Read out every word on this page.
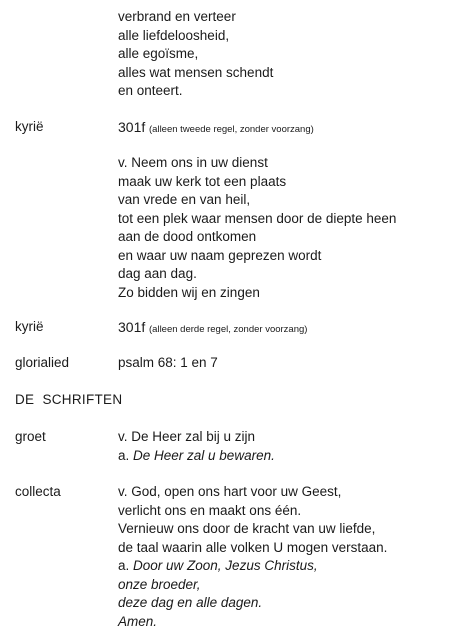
verbrand en verteer
alle liefdeloosheid,
alle egoïsme,
alles wat mensen schendt
en onteert.
kyrië	301f (alleen tweede regel, zonder voorzang)
v. Neem ons in uw dienst
maak uw kerk tot een plaats
van vrede en van heil,
tot een plek waar mensen door de diepte heen
aan de dood ontkomen
en waar uw naam geprezen wordt
dag aan dag.
Zo bidden wij en zingen
kyrië	301f (alleen derde regel, zonder voorzang)
glorialied	psalm 68: 1 en 7
DE  SCHRIFTEN
groet	v. De Heer zal bij u zijn
a. De Heer zal u bewaren.
collecta	v. God, open ons hart voor uw Geest,
verlicht ons en maakt ons één.
Vernieuw ons door de kracht van uw liefde,
de taal waarin alle volken U mogen verstaan.
a. Door uw Zoon, Jezus Christus,
onze broeder,
deze dag en alle dagen.
Amen.
